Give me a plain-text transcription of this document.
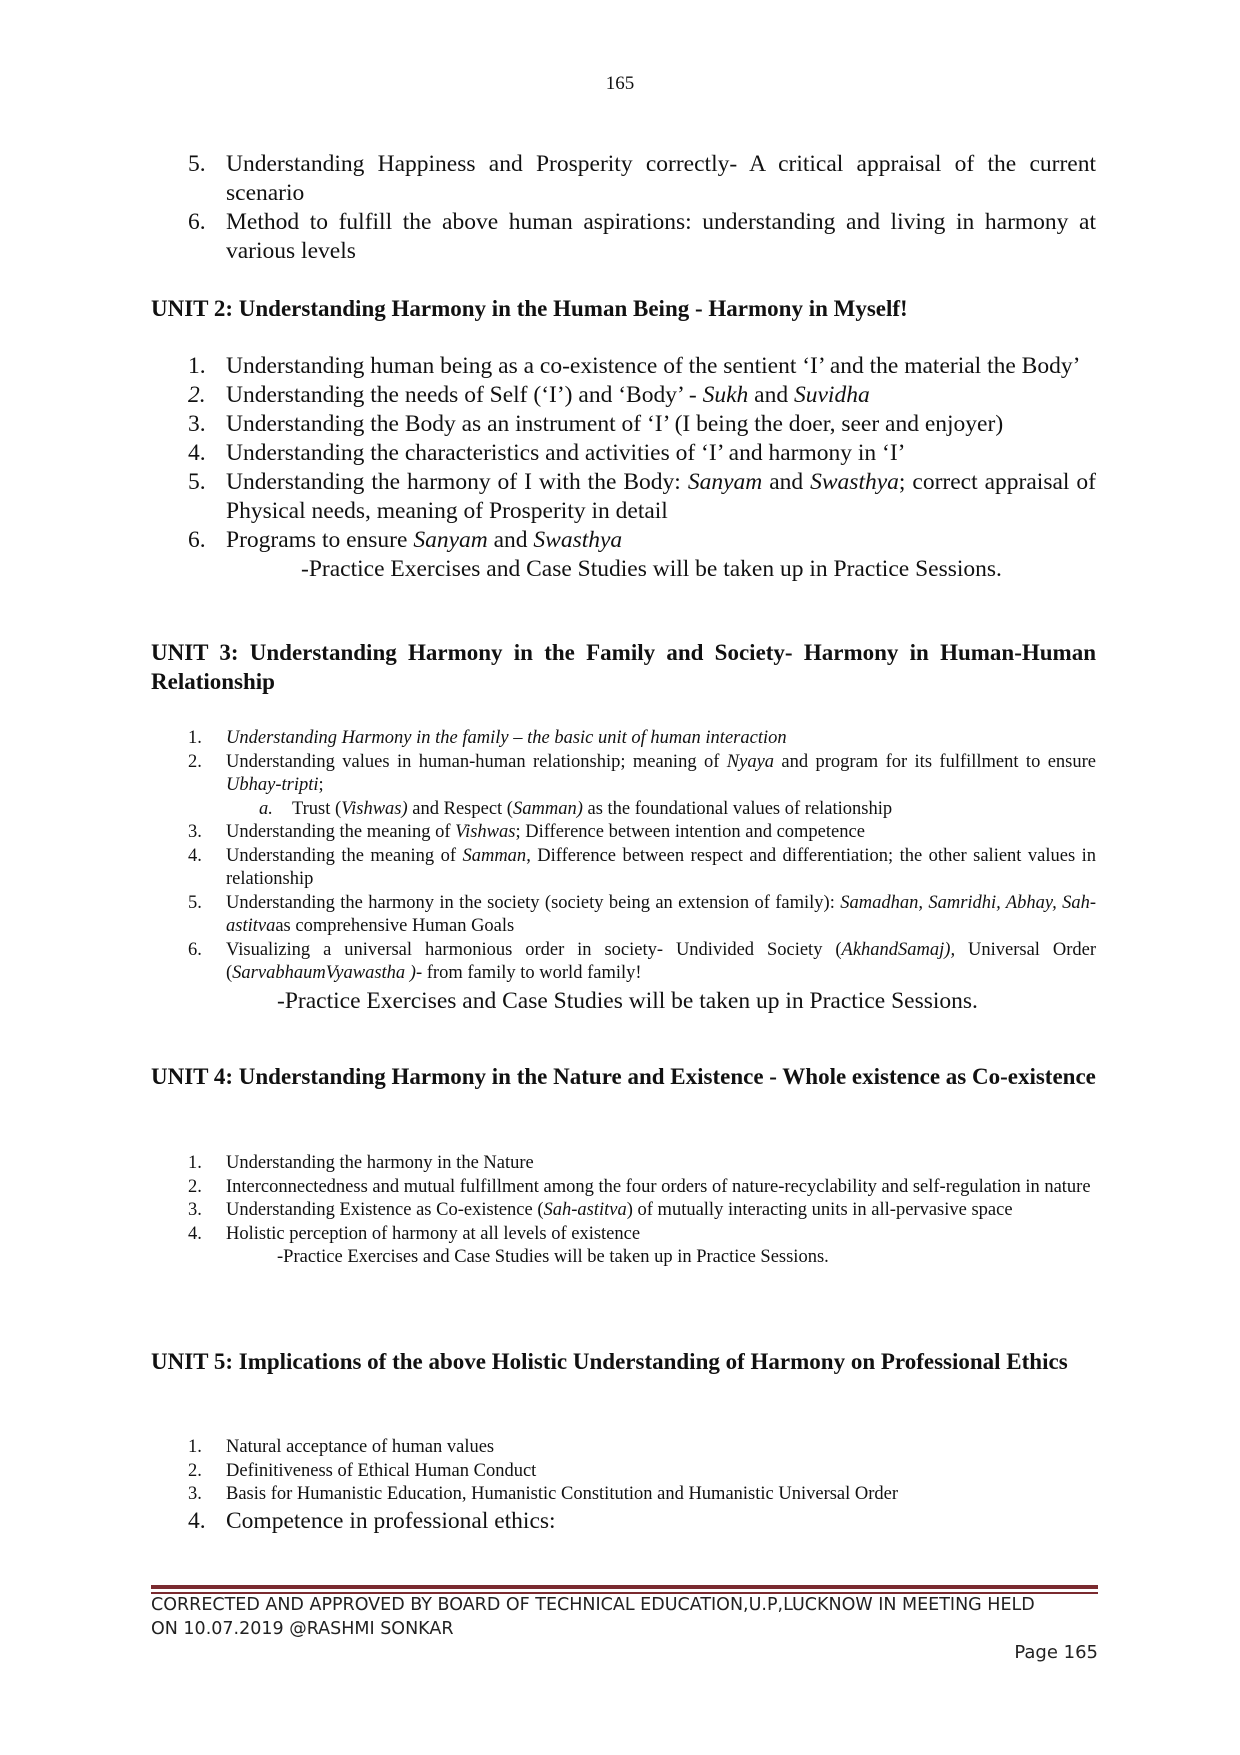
165
5. Understanding Happiness and Prosperity correctly- A critical appraisal of the current scenario
6. Method to fulfill the above human aspirations: understanding and living in harmony at various levels
UNIT 2: Understanding Harmony in the Human Being - Harmony in Myself!
1. Understanding human being as a co-existence of the sentient ‘I’ and the material the Body’
2. Understanding the needs of Self (‘I’) and ‘Body’ - Sukh and Suvidha
3. Understanding the Body as an instrument of ‘I’ (I being the doer, seer and enjoyer)
4. Understanding the characteristics and activities of ‘I’ and harmony in ‘I’
5. Understanding the harmony of I with the Body: Sanyam and Swasthya; correct appraisal of Physical needs, meaning of Prosperity in detail
6. Programs to ensure Sanyam and Swasthya
-Practice Exercises and Case Studies will be taken up in Practice Sessions.
UNIT 3: Understanding Harmony in the Family and Society- Harmony in Human-Human Relationship
1.	Understanding Harmony in the family – the basic unit of human interaction
2.	Understanding values in human-human relationship; meaning of Nyaya and program for its fulfillment to ensure Ubhay-tripti;
a.	Trust (Vishwas) and Respect (Samman) as the foundational values of relationship
3.	Understanding the meaning of Vishwas; Difference between intention and competence
4.	Understanding the meaning of Samman, Difference between respect and differentiation; the other salient values in relationship
5.	Understanding the harmony in the society (society being an extension of family): Samadhan, Samridhi, Abhay, Sah-astitvaas comprehensive Human Goals
6.	Visualizing a universal harmonious order in society- Undivided Society (AkhandSamaj), Universal Order (SarvabhaumVyawastha )- from family to world family!
-Practice Exercises and Case Studies will be taken up in Practice Sessions.
UNIT 4: Understanding Harmony in the Nature and Existence - Whole existence as Co-existence
1.	Understanding the harmony in the Nature
2.	Interconnectedness and mutual fulfillment among the four orders of nature-recyclability and self-regulation in nature
3.	Understanding Existence as Co-existence (Sah-astitva) of mutually interacting units in all-pervasive space
4.	Holistic perception of harmony at all levels of existence
-Practice Exercises and Case Studies will be taken up in Practice Sessions.
UNIT 5: Implications of the above Holistic Understanding of Harmony on Professional Ethics
1.	Natural acceptance of human values
2.	Definitiveness of Ethical Human Conduct
3.	Basis for Humanistic Education, Humanistic Constitution and Humanistic Universal Order
4. Competence in professional ethics:
CORRECTED AND APPROVED BY BOARD OF TECHNICAL EDUCATION,U.P,LUCKNOW IN MEETING HELD
ON 10.07.2019 @RASHMI SONKAR
Page 165
